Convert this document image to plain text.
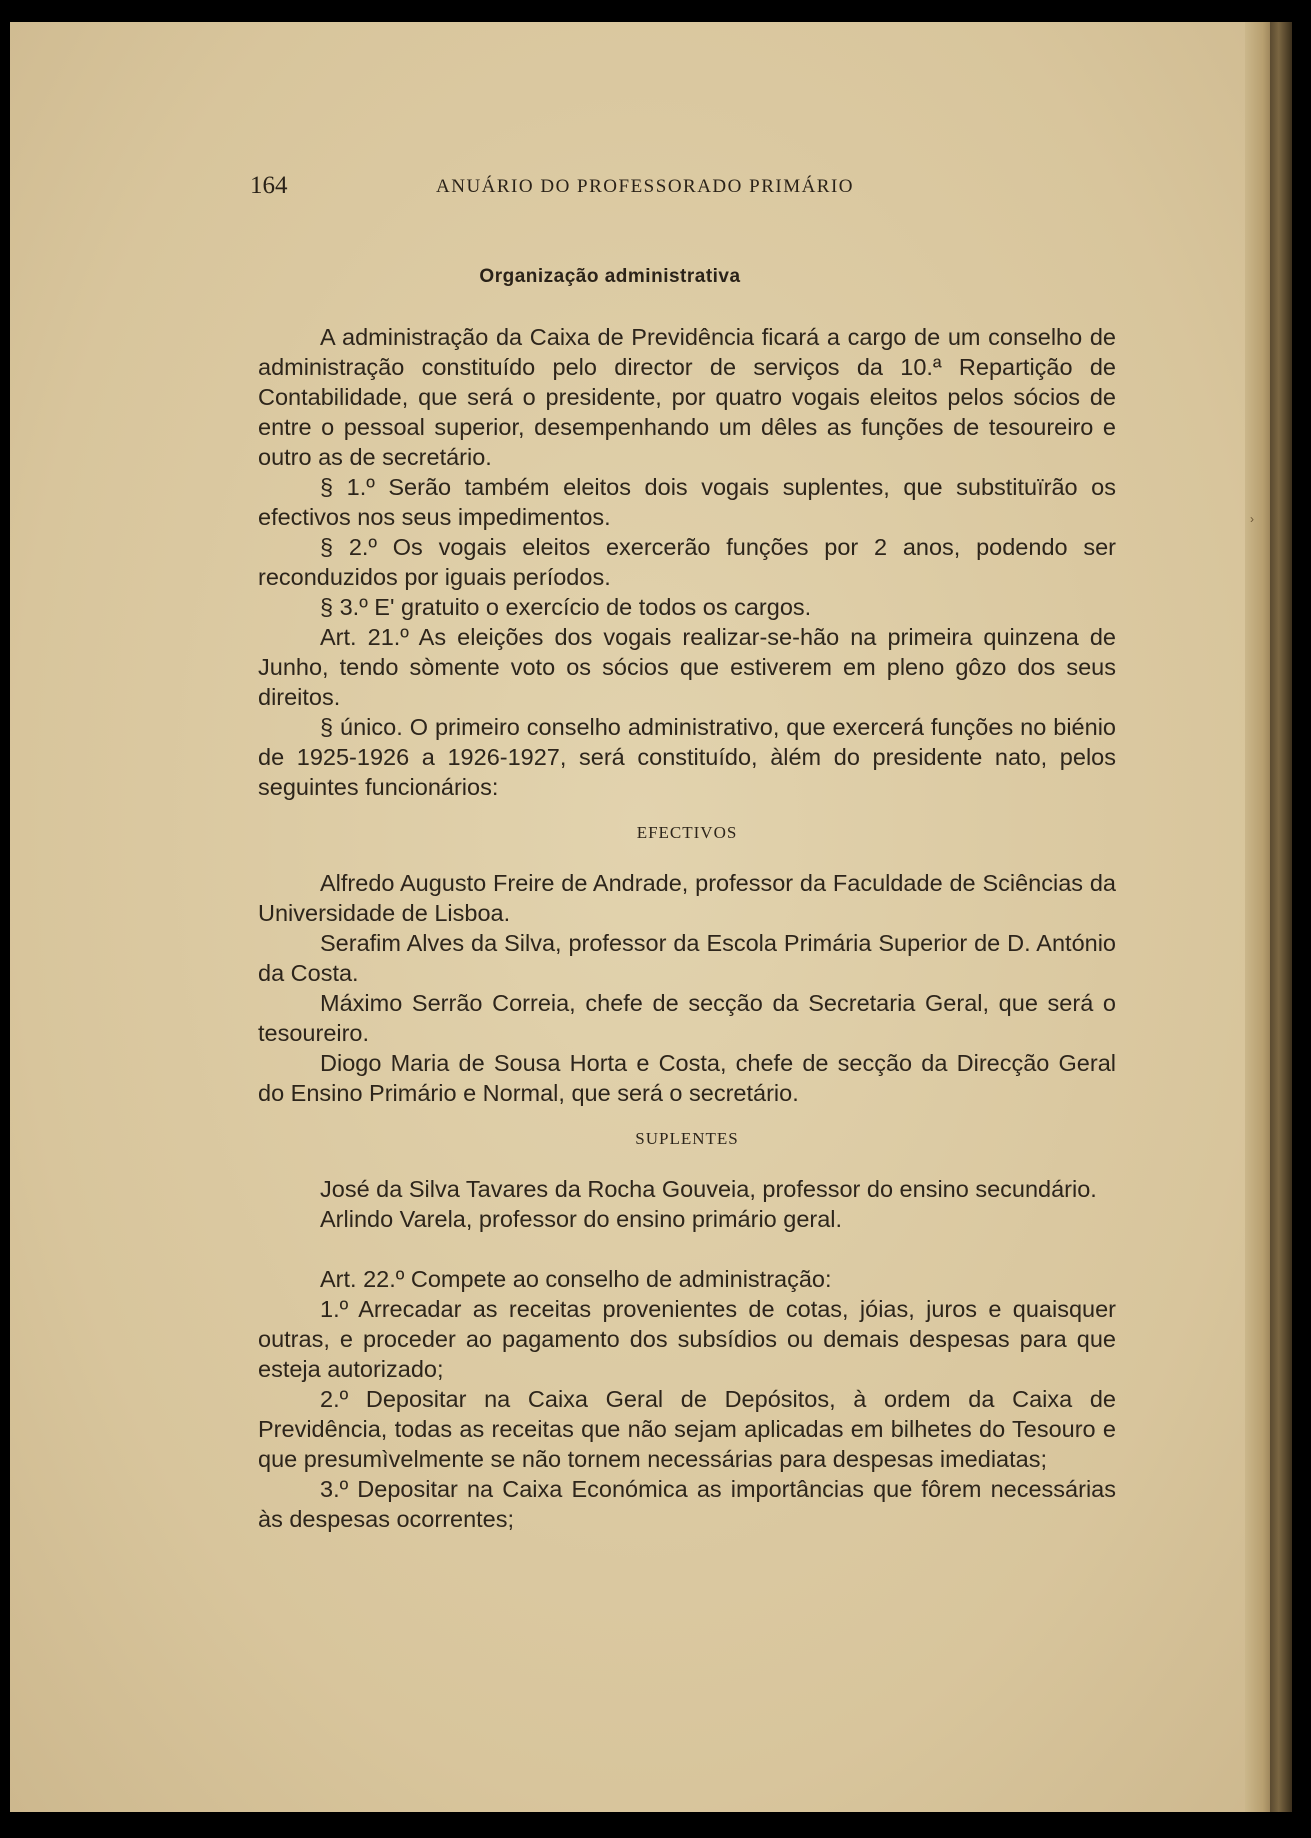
›
164	ANUÁRIO DO PROFESSORADO PRIMÁRIO
Organização administrativa

A administração da Caixa de Previdência ficará a cargo de um conselho de administração constituído pelo director de serviços da 10.ª Repartição de Contabilidade, que será o presidente, por quatro vogais eleitos pelos sócios de entre o pessoal superior, desempenhando um dêles as funções de tesoureiro e outro as de secretário.

§ 1.º Serão também eleitos dois vogais suplentes, que substituïrão os efectivos nos seus impedimentos.

§ 2.º Os vogais eleitos exercerão funções por 2 anos, podendo ser reconduzidos por iguais períodos.

§ 3.º E' gratuito o exercício de todos os cargos.

Art. 21.º As eleições dos vogais realizar-se-hão na primeira quinzena de Junho, tendo sòmente voto os sócios que estiverem em pleno gôzo dos seus direitos.

§ único. O primeiro conselho administrativo, que exercerá funções no biénio de 1925-1926 a 1926-1927, será constituído, àlém do presidente nato, pelos seguintes funcionários:

EFECTIVOS

Alfredo Augusto Freire de Andrade, professor da Faculdade de Sciências da Universidade de Lisboa.

Serafim Alves da Silva, professor da Escola Primária Superior de D. António da Costa.

Máximo Serrão Correia, chefe de secção da Secretaria Geral, que será o tesoureiro.

Diogo Maria de Sousa Horta e Costa, chefe de secção da Direcção Geral do Ensino Primário e Normal, que será o secretário.

SUPLENTES

José da Silva Tavares da Rocha Gouveia, professor do ensino secundário.

Arlindo Varela, professor do ensino primário geral.

Art. 22.º Compete ao conselho de administração:

1.º Arrecadar as receitas provenientes de cotas, jóias, juros e quaisquer outras, e proceder ao pagamento dos subsídios ou demais despesas para que esteja autorizado;

2.º Depositar na Caixa Geral de Depósitos, à ordem da Caixa de Previdência, todas as receitas que não sejam aplicadas em bilhetes do Tesouro e que presumìvelmente se não tornem necessárias para despesas imediatas;

3.º Depositar na Caixa Económica as importâncias que fôrem necessárias às despesas ocorrentes;
